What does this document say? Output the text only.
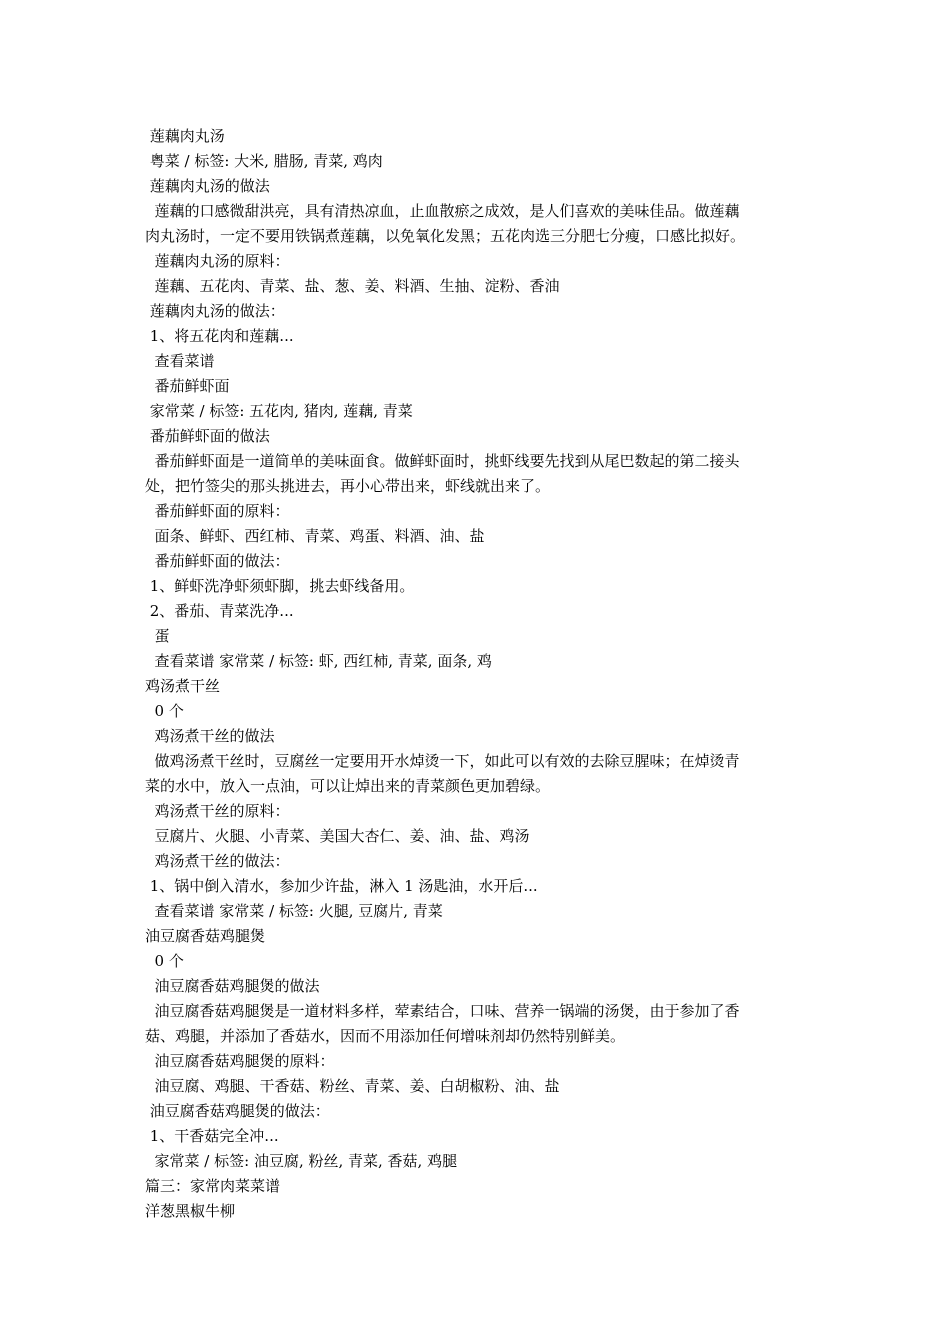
莲藕肉丸汤
粤菜 / 标签: 大米, 腊肠, 青菜, 鸡肉
莲藕肉丸汤的做法
莲藕的口感微甜洪亮，具有清热凉血，止血散瘀之成效，是人们喜欢的美味佳品。做莲藕
肉丸汤时，一定不要用铁锅煮莲藕，以免氧化发黑；五花肉选三分肥七分瘦，口感比拟好。
莲藕肉丸汤的原料：
莲藕、五花肉、青菜、盐、葱、姜、料酒、生抽、淀粉、香油
莲藕肉丸汤的做法：
1、将五花肉和莲藕...
查看菜谱
番茄鲜虾面
家常菜 / 标签: 五花肉, 猪肉, 莲藕, 青菜
番茄鲜虾面的做法
番茄鲜虾面是一道简单的美味面食。做鲜虾面时，挑虾线要先找到从尾巴数起的第二接头
处，把竹签尖的那头挑进去，再小心带出来，虾线就出来了。
番茄鲜虾面的原料：
面条、鲜虾、西红柿、青菜、鸡蛋、料酒、油、盐
番茄鲜虾面的做法：
1、鲜虾洗净虾须虾脚，挑去虾线备用。
2、番茄、青菜洗净...
蛋
查看菜谱 家常菜 / 标签: 虾, 西红柿, 青菜, 面条, 鸡
鸡汤煮干丝
0 个
鸡汤煮干丝的做法
做鸡汤煮干丝时，豆腐丝一定要用开水焯烫一下，如此可以有效的去除豆腥味；在焯烫青
菜的水中，放入一点油，可以让焯出来的青菜颜色更加碧绿。
鸡汤煮干丝的原料：
豆腐片、火腿、小青菜、美国大杏仁、姜、油、盐、鸡汤
鸡汤煮干丝的做法：
1、锅中倒入清水，参加少许盐，淋入 1 汤匙油，水开后...
查看菜谱 家常菜 / 标签: 火腿, 豆腐片, 青菜
油豆腐香菇鸡腿煲
0 个
油豆腐香菇鸡腿煲的做法
油豆腐香菇鸡腿煲是一道材料多样，荤素结合，口味、营养一锅端的汤煲，由于参加了香
菇、鸡腿，并添加了香菇水，因而不用添加任何增味剂却仍然特别鲜美。
油豆腐香菇鸡腿煲的原料：
油豆腐、鸡腿、干香菇、粉丝、青菜、姜、白胡椒粉、油、盐
油豆腐香菇鸡腿煲的做法：
1、干香菇完全冲...
家常菜 / 标签: 油豆腐, 粉丝, 青菜, 香菇, 鸡腿
篇三：家常肉菜菜谱
洋葱黑椒牛柳
